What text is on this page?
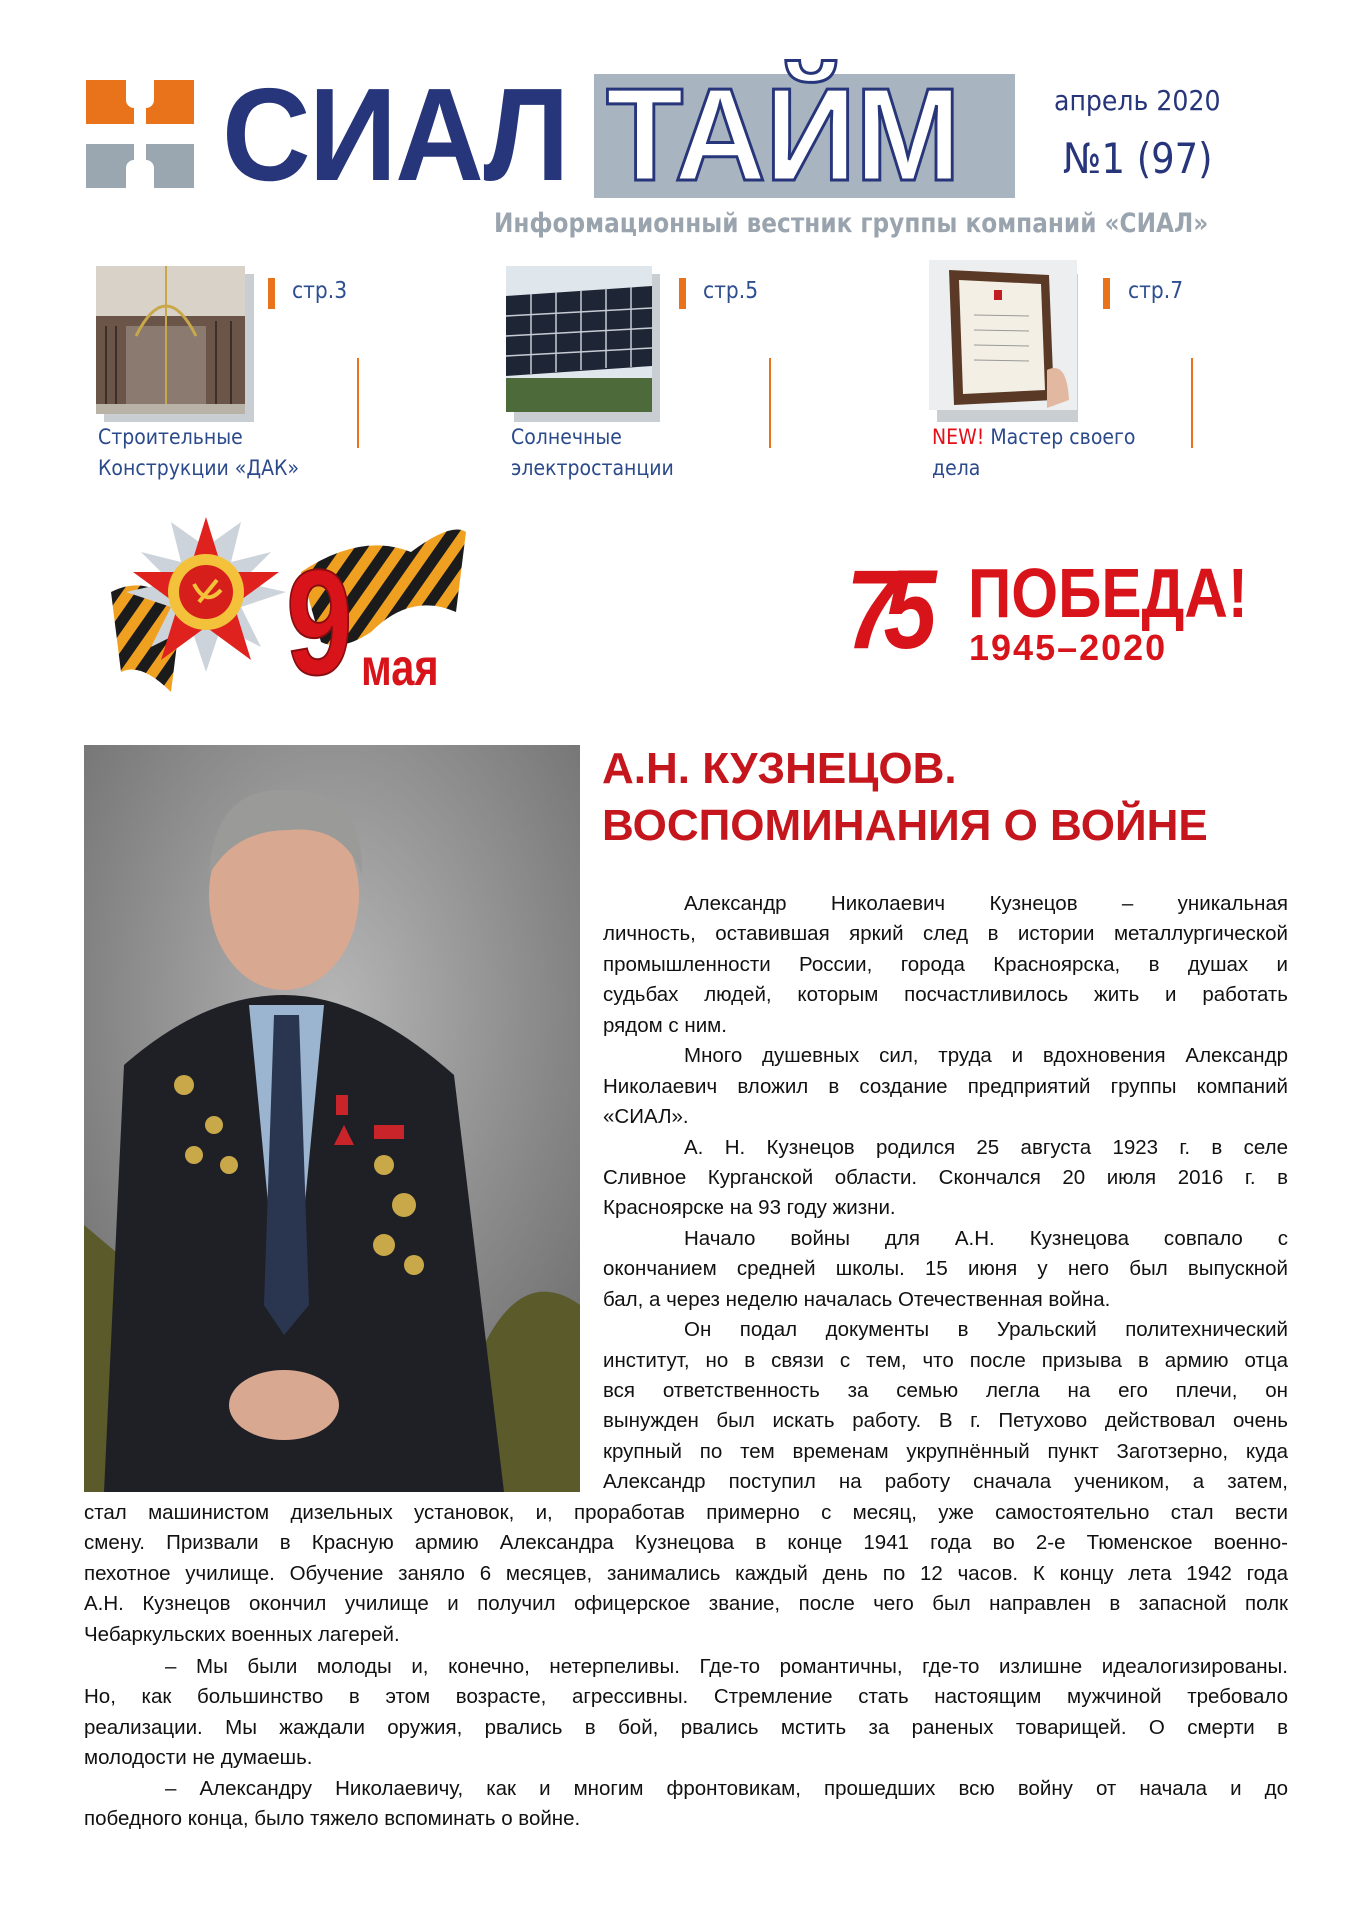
СИАЛ ТАЙМ	апрель 2020
№1 (97)
Информационный вестник группы компаний «СИАЛ»
стр.3
Строительные
Конструкции «ДАК»
стр.5
Солнечные
электростанции
стр.7
NEW! Мастер своего
дела
9 мая	75 ПОБЕДА!
1945–2020
А.Н. КУЗНЕЦОВ.
ВОСПОМИНАНИЯ О ВОЙНЕ
Александр Николаевич Кузнецов – уникальная
личность, оставившая яркий след в истории металлургической
промышленности России, города Красноярска, в душах и
судьбах людей, которым посчастливилось жить и работать
рядом с ним.
Много душевных сил, труда и вдохновения Александр
Николаевич вложил в создание предприятий группы компаний
«СИАЛ».
А. Н. Кузнецов родился 25 августа 1923 г. в селе
Сливное Курганской области. Скончался 20 июля 2016 г. в
Красноярске на 93 году жизни.
Начало войны для А.Н. Кузнецова совпало с
окончанием средней школы. 15 июня у него был выпускной
бал, а через неделю началась Отечественная война.
Он подал документы в Уральский политехнический
институт, но в связи с тем, что после призыва в армию отца
вся ответственность за семью легла на его плечи, он
вынужден был искать работу. В г. Петухово действовал очень
крупный по тем временам укрупнённый пункт Заготзерно, куда
Александр поступил на работу сначала учеником, а затем,
стал машинистом дизельных установок, и, проработав примерно с месяц, уже самостоятельно стал вести
смену. Призвали в Красную армию Александра Кузнецова в конце 1941 года во 2-е Тюменское военно-
пехотное училище. Обучение заняло 6 месяцев, занимались каждый день по 12 часов. К концу лета 1942 года
А.Н. Кузнецов окончил училище и получил офицерское звание, после чего был направлен в запасной полк
Чебаркульских военных лагерей.
– Мы были молоды и, конечно, нетерпеливы. Где-то романтичны, где-то излишне идеалогизированы.
Но, как большинство в этом возрасте, агрессивны. Стремление стать настоящим мужчиной требовало
реализации. Мы жаждали оружия, рвались в бой, рвались мстить за раненых товарищей. О смерти в
молодости не думаешь.
– Александру Николаевичу, как и многим фронтовикам, прошедших всю войну от начала и до
победного конца, было тяжело вспоминать о войне.
